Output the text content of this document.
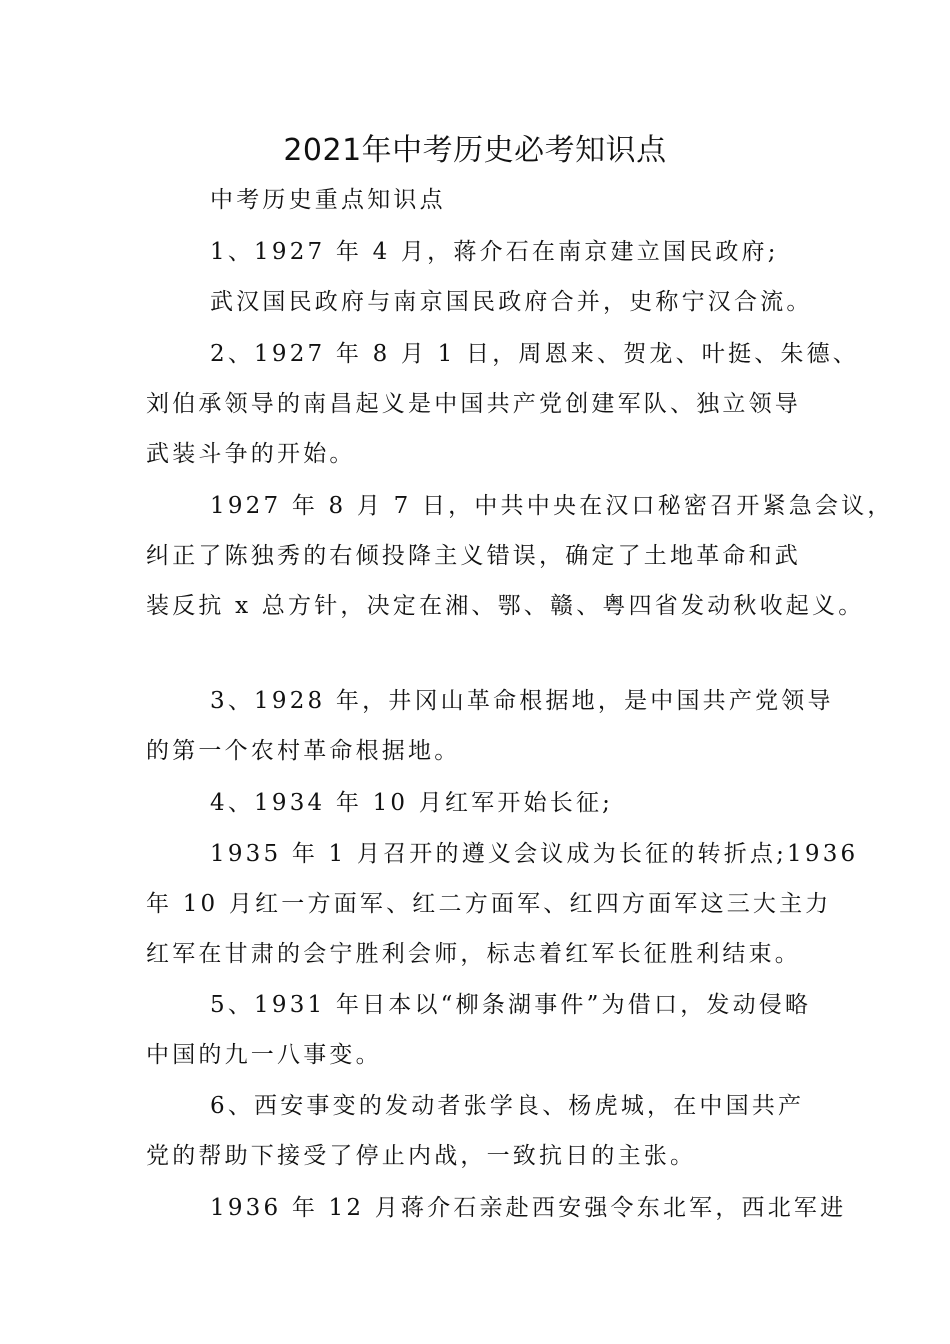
2021年中考历史必考知识点
中考历史重点知识点
1、1927 年 4 月，蒋介石在南京建立国民政府;
武汉国民政府与南京国民政府合并，史称宁汉合流。
2、1927 年 8 月 1 日，周恩来、贺龙、叶挺、朱德、
刘伯承领导的南昌起义是中国共产党创建军队、独立领导
武装斗争的开始。
1927 年 8 月 7 日，中共中央在汉口秘密召开紧急会议，
纠正了陈独秀的右倾投降主义错误，确定了土地革命和武
装反抗 x 总方针，决定在湘、鄂、赣、粤四省发动秋收起义。
3、1928 年，井冈山革命根据地，是中国共产党领导
的第一个农村革命根据地。
4、1934 年 10 月红军开始长征;
1935 年 1 月召开的遵义会议成为长征的转折点;1936
年 10 月红一方面军、红二方面军、红四方面军这三大主力
红军在甘肃的会宁胜利会师，标志着红军长征胜利结束。
5、1931 年日本以“柳条湖事件”为借口，发动侵略
中国的九一八事变。
6、西安事变的发动者张学良、杨虎城，在中国共产
党的帮助下接受了停止内战，一致抗日的主张。
1936 年 12 月蒋介石亲赴西安强令东北军，西北军进
